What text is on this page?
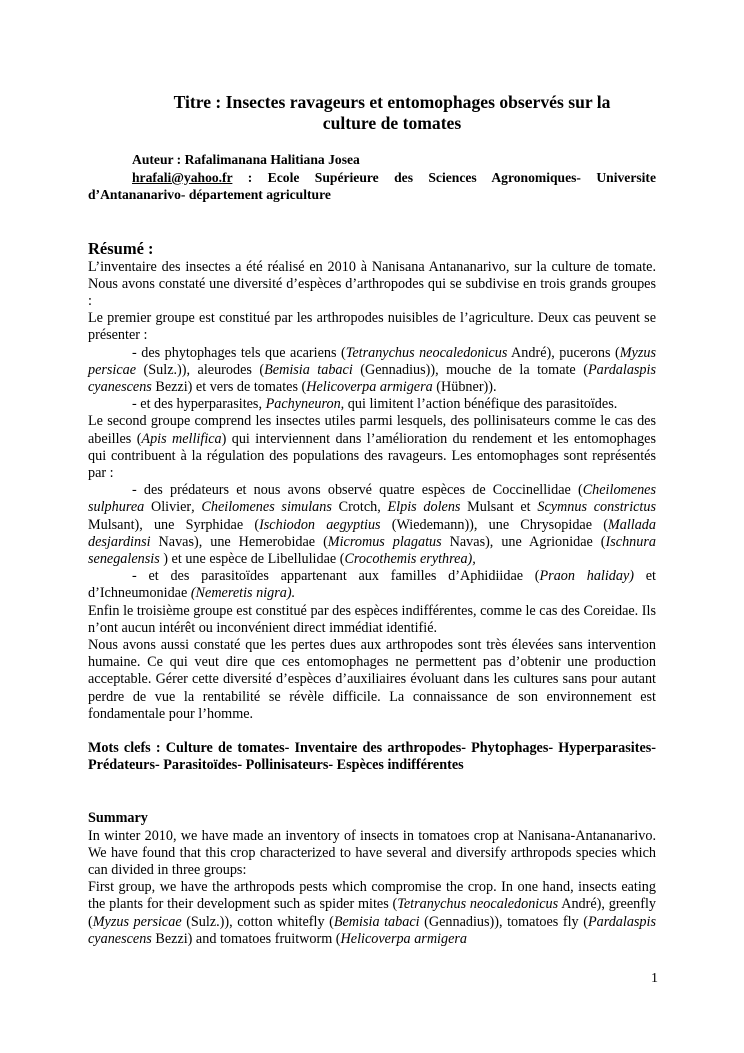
Titre : Insectes ravageurs et entomophages observés sur la
culture de tomates
Auteur : Rafalimanana Halitiana Josea
hrafali@yahoo.fr : Ecole Supérieure des Sciences Agronomiques- Universite d’Antananarivo- département agriculture
Résumé :

L’inventaire des insectes a été réalisé en 2010 à Nanisana Antananarivo, sur la culture de tomate. Nous avons constaté une diversité d’espèces d’arthropodes qui se subdivise en trois grands groupes :

Le premier groupe est constitué par les arthropodes nuisibles de l’agriculture. Deux cas peuvent se présenter :

- des phytophages tels que acariens (Tetranychus neocaledonicus André), pucerons (Myzus persicae (Sulz.)), aleurodes (Bemisia tabaci (Gennadius)), mouche de la tomate (Pardalaspis cyanescens Bezzi) et vers de tomates (Helicoverpa armigera (Hübner)).

- et des hyperparasites, Pachyneuron, qui limitent l’action bénéfique des parasitoïdes.

Le second groupe comprend les insectes utiles parmi lesquels, des pollinisateurs comme le cas des abeilles (Apis mellifica) qui interviennent dans l’amélioration du rendement et les entomophages qui contribuent à la régulation des populations des ravageurs. Les entomophages sont représentés par :

- des prédateurs et nous avons observé quatre espèces de Coccinellidae (Cheilomenes sulphurea Olivier, Cheilomenes simulans Crotch, Elpis dolens Mulsant et Scymnus constrictus Mulsant), une Syrphidae (Ischiodon aegyptius (Wiedemann)), une Chrysopidae (Mallada desjardinsi Navas), une Hemerobidae (Micromus plagatus Navas), une Agrionidae (Ischnura senegalensis ) et une espèce de Libellulidae (Crocothemis erythrea),

- et des parasitoïdes appartenant aux familles d’Aphidiidae (Praon haliday) et d’Ichneumonidae (Nemeretis nigra).

Enfin le troisième groupe est constitué par des espèces indifférentes, comme le cas des Coreidae. Ils n’ont aucun intérêt ou inconvénient direct immédiat identifié.

Nous avons aussi constaté que les pertes dues aux arthropodes sont très élevées sans intervention humaine. Ce qui veut dire que ces entomophages ne permettent pas d’obtenir une production acceptable. Gérer cette diversité d’espèces d’auxiliaires évoluant dans les cultures sans pour autant perdre de vue la rentabilité se révèle difficile. La connaissance de son environnement est fondamentale pour l’homme.

Mots clefs : Culture de tomates- Inventaire des arthropodes- Phytophages- Hyperparasites- Prédateurs- Parasitoïdes- Pollinisateurs- Espèces indifférentes

Summary

In winter 2010, we have made an inventory of insects in tomatoes crop at Nanisana-Antananarivo. We have found that this crop characterized to have several and diversify arthropods species which can divided in three groups:

First group, we have the arthropods pests which compromise the crop. In one hand, insects eating the plants for their development such as spider mites (Tetranychus neocaledonicus André), greenfly (Myzus persicae (Sulz.)), cotton whitefly (Bemisia tabaci (Gennadius)), tomatoes fly (Pardalaspis cyanescens Bezzi) and tomatoes fruitworm (Helicoverpa armigera

1
